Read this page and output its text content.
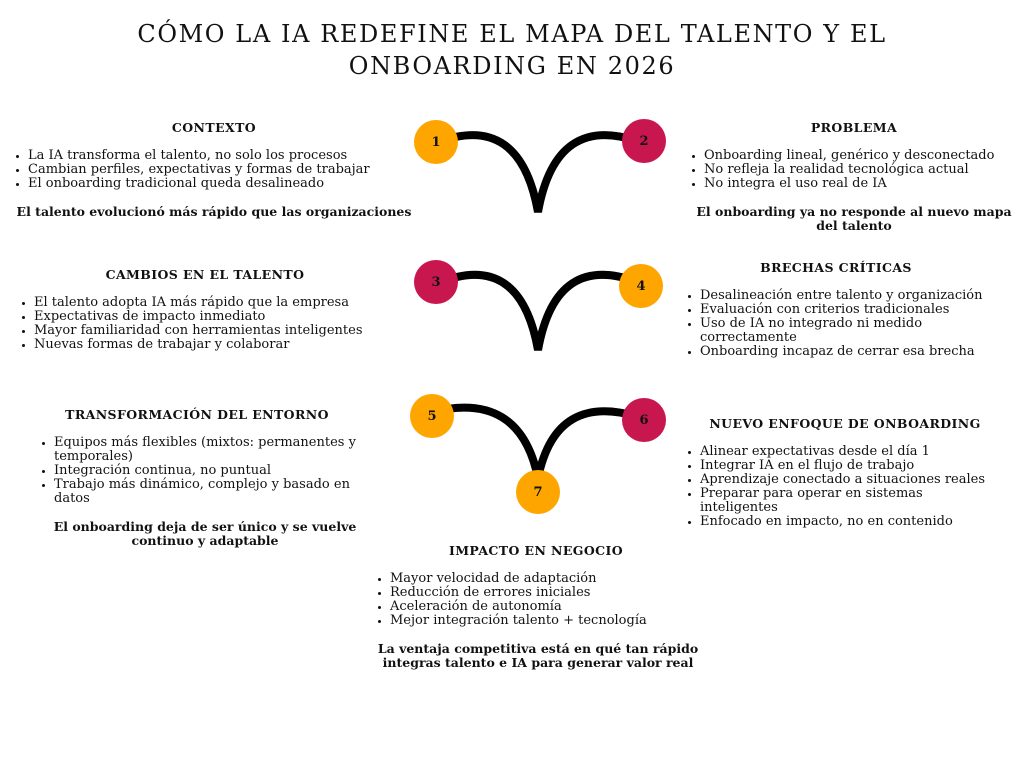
CÓMO LA IA REDEFINE EL MAPA DEL TALENTO Y EL
ONBOARDING EN 2026
1	2
3	4
5	6
7
CONTEXTO
• La IA transforma el talento, no solo los procesos
• Cambian perfiles, expectativas y formas de trabajar
• El onboarding tradicional queda desalineado
El talento evolucionó más rápido que las organizaciones
PROBLEMA
• Onboarding lineal, genérico y desconectado
• No refleja la realidad tecnológica actual
• No integra el uso real de IA
El onboarding ya no responde al nuevo mapa del talento
CAMBIOS EN EL TALENTO
• El talento adopta IA más rápido que la empresa
• Expectativas de impacto inmediato
• Mayor familiaridad con herramientas inteligentes
• Nuevas formas de trabajar y colaborar
BRECHAS CRÍTICAS
• Desalineación entre talento y organización
• Evaluación con criterios tradicionales
• Uso de IA no integrado ni medido correctamente
• Onboarding incapaz de cerrar esa brecha
TRANSFORMACIÓN DEL ENTORNO
• Equipos más flexibles (mixtos: permanentes y temporales)
• Integración continua, no puntual
• Trabajo más dinámico, complejo y basado en datos
El onboarding deja de ser único y se vuelve continuo y adaptable
NUEVO ENFOQUE DE ONBOARDING
• Alinear expectativas desde el día 1
• Integrar IA en el flujo de trabajo
• Aprendizaje conectado a situaciones reales
• Preparar para operar en sistemas inteligentes
• Enfocado en impacto, no en contenido
IMPACTO EN NEGOCIO
• Mayor velocidad de adaptación
• Reducción de errores iniciales
• Aceleración de autonomía
• Mejor integración talento + tecnología
La ventaja competitiva está en qué tan rápido integras talento e IA para generar valor real
